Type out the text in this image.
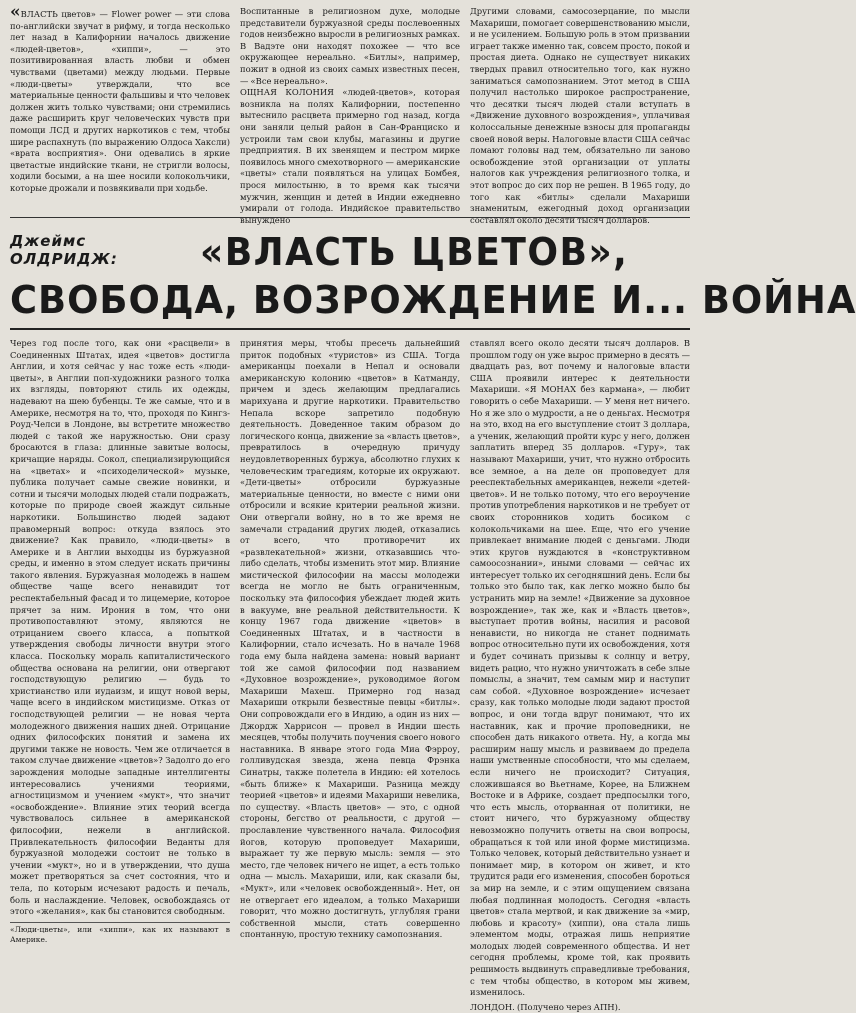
«ВЛАСТЬ цветов» — Flower power — эти слова по-английски звучат в рифму, и тогда несколько лет назад в Калифорнии началось движение «людей-цветов», «хиппи», — это позитивированная власть любви и обмен чувствами (цветами) между людьми. Первые «люди-цветы» утверждали, что все материальные ценности фальшивы и что человек должен жить только чувствами; они стремились даже расширить круг человеческих чувств при помощи ЛСД и других наркотиков с тем, чтобы шире распахнуть (по выражению Олдоса Хаксли) «врата восприятия». Они одевались в яркие цветастые индийские ткани, не стригли волосы, ходили босыми, а на шее носили колокольчики, которые дрожали и позвякивали при ходьбе.
Воспитанные в религиозном духе, молодые представители буржуазной среды послевоенных годов неизбежно выросли в религиозных рамках. В Вадэте они находят похожее — что все окружающее нереально. «Битлы», например, пожит в одной из своих самых известных песен, — «Все нереально».
ОЩНАЯ КОЛОНИЯ «людей-цветов», которая возникла на полях Калифорнии, постепенно вытеснило расцвета примерно год назад, когда они заняли целый район в Сан-Франциско и устроили там свои клубы, магазины и другие предприятия. В их звенящем и пестром мирке появилось много смехотворного — американские «цветы» стали появляться на улицах Бомбея, прося милостыню, в то время как тысячи мужчин, женщин и детей в Индии ежедневно умирали от голода. Индийское правительство вынуждено
Другими словами, самосозерцание, по мысли Махариши, помогает совершенствованию мысли, и не усилением. Большую роль в этом призвании играет также именно так, совсем просто, покой и простая диета. Однако не существует никаких твердых правил относительно того, как нужно заниматься самопознанием. Этот метод в США получил настолько широкое распространение, что десятки тысяч людей стали вступать в «Движение духовного возрождения», уплачивая колоссальные денежные взносы для пропаганды своей новой веры. Налоговые власти США сейчас ломают головы над тем, обязательно ли заново освобождение этой организации от уплаты налогов как учреждения религиозного толка, и этот вопрос до сих пор не решен. В 1965 году, до того как «битлы» сделали Махариши знаменитым, ежегодный доход организации составлял около десяти тысяч долларов.
Джеймс ОЛДРИДЖ:	«ВЛАСТЬ ЦВЕТОВ»,
СВОБОДА, ВОЗРОЖДЕНИЕ И... ВОЙНА
Через год после того, как они «расцвели» в Соединенных Штатах, идея «цветов» достигла Англии, и хотя сейчас у нас тоже есть «люди-цветы», в Англии поп-художники разного толка их взгляды, повторяют стиль их одежды, надевают на шею бубенцы. Те же самые, что и в Америке, несмотря на то, что, проходя по Кингз-Роуд-Челси в Лондоне, вы встретите множество людей с такой же наружностью. Они сразу бросаются в глаза: длинные завитые волосы, кричащие наряды. Сокол, специализирующийся на «цветах» и «психоделической» музыке, публика получает самые свежие новинки, и сотни и тысячи молодых людей стали подражать, которые по природе своей жаждут сильные наркотики. Большинство людей задают правомерный вопрос: откуда взялось это движение? Как правило, «люди-цветы» в Америке и в Англии выходцы из буржуазной среды, и именно в этом следует искать причины такого явления. Буржуазная молодежь в нашем обществе чаще всего ненавидит тот респектабельный фасад и то лицемерие, которое прячет за ним. Ирония в том, что они противопоставляют этому, являются не отрицанием своего класса, а попыткой утверждения свободы личности внутри этого класса. Поскольку мораль капиталистического общества основана на религии, они отвергают господствующую религию — будь то христианство или иудаизм, и ищут новой веры, чаще всего в индийском мистицизме. Отказ от господствующей религии — не новая черта молодежного движения наших дней. Отрицание одних философских понятий и замена их другими также не новость. Чем же отличается в таком случае движение «цветов»? Задолго до его зарождения молодые западные интеллигенты интересовались учениями теориями, агностицизмом и учением «мукт», что значит «освобождение». Влияние этих теорий всегда чувствовалось сильнее в американской философии, нежели в английской. Привлекательность философии Веданты для буржуазной молодежи состоит не только в учении «мукт», но и в утверждении, что душа может претворяться за счет состояния, что и тела, по которым исчезают радость и печаль, боль и наслаждение. Человек, освобождаясь от этого «желания», как бы становится свободным.
«Люди-цветы», или «хиппи», как их называют в Америке.
принятия меры, чтобы пресечь дальнейший приток подобных «туристов» из США. Тогда американцы поехали в Непал и основали американскую колонию «цветов» в Катманду, причем и здесь желающим предлагались марихуана и другие наркотики. Правительство Непала вскоре запретило подобную деятельность. Доведенное таким образом до логического конца, движение за «власть цветов», превратилось в очередную причуду неудовлетворенных буржуа, абсолютно глухих к человеческим трагедиям, которые их окружают. «Дети-цветы» отбросили буржуазные материальные ценности, но вместе с ними они отбросили и всякие критерии реальной жизни. Они отвергали войну, но в то же время не замечали страданий других людей, отказались от всего, что противоречит их «развлекательной» жизни, отказавшись что-либо сделать, чтобы изменить этот мир. Влияние мистической философии на массы молодежи всегда не могло не быть ограниченным, поскольку эта философия убеждает людей жить в вакууме, вне реальной действительности. К концу 1967 года движение «цветов» в Соединенных Штатах, и в частности в Калифорнии, стало исчезать. Но в начале 1968 года ему была найдена замена: новый вариант той же самой философии под названием «Духовное возрождение», руководимое йогом Махариши Махеш. Примерно год назад Махариши открыли безвестные певцы «битлы». Они сопровождали его в Индию, а один из них — Джордж Харрисон — провел в Индии шесть месяцев, чтобы получить поучения своего нового наставника. В январе этого года Миа Фэрроу, голливудская звезда, жена певца Фрэнка Синатры, также полетела в Индию: ей хотелось «быть ближе» к Махариши. Разница между теорией «цветов» и идеями Махариши невелика, по существу. «Власть цветов» — это, с одной стороны, бегство от реальности, с другой — прославление чувственного начала. Философия йогов, которую проповедует Махариши, выражает ту же первую мысль: земля — это место, где человек ничего не ищет, а есть только одна — мысль. Махариши, или, как сказали бы, «Мукт», или «человек освобожденный». Нет, он не отвергает его идеалом, а только Махариши говорит, что можно достигнуть, углубляя грани собственной мысли, стать совершенно спонтанную, простую технику самопознания.
ставлял всего около десяти тысяч долларов. В прошлом году он уже вырос примерно в десять — двадцать раз, вот почему и налоговые власти США проявили интерес к деятельности Махариши. «Я МОНАХ без кармана», — любит говорить о себе Махариши. — У меня нет ничего. Но я же зло о мудрости, а не о деньгах. Несмотря на это, вход на его выступление стоит 3 доллара, а ученик, желающий пройти курс у него, должен заплатить вперед 35 долларов. «Гуру», так называют Махариши, учит, что нужно отбросить все земное, а на деле он проповедует для рееспектабельных американцев, нежели «детей-цветов». И не только потому, что его вероучение против употребления наркотиков и не требует от своих сторонников ходить босиком с колокольчиками на шее. Еще, что его учение привлекает внимание людей с деньгами. Люди этих кругов нуждаются в «конструктивном самоосознании», иными словами — сейчас их интересует только их сегодняшний день. Если бы только это было так, как легко можно было бы устранить мир на земле! «Движение за духовное возрождение», так же, как и «Власть цветов», выступает против войны, насилия и расовой ненависти, но никогда не станет поднимать вопрос относительно пути их освобождения, хотя и будет сочинать призывы к солнцу и ветру, видеть рацио, что нужно уничтожать в себе злые помыслы, а значит, тем самым мир и наступит сам собой. «Духовное возрождение» исчезает сразу, как только молодые люди задают простой вопрос, и они тогда вдруг понимают, что их наставник, как и прочие проповедники, не способен дать никакого ответа. Ну, а когда мы расширим нашу мысль и развиваем до предела наши умственные способности, что мы сделаем, если ничего не происходит? Ситуация, сложившаяся во Вьетнаме, Корее, на Ближнем Востоке и в Африке, создает предпосылки того, что есть мысль, оторванная от политики, не стоит ничего, что буржуазному обществу невозможно получить ответы на свои вопросы, обращаться к той или иной форме мистицизма. Только человек, который действительно узнает и понимает мир, в котором он живет, и кто трудится ради его изменения, способен бороться за мир на земле, и с этим ощущением связана любая подлинная молодость. Сегодня «власть цветов» стала мертвой, и как движение за «мир, любовь и красоту» (хиппи), она стала лишь элементом моды, отражая лишь неприятие молодых людей современного общества. И нет сегодня проблемы, кроме той, как проявить решимость выдвинуть справедливые требования, с тем чтобы общество, в котором мы живем, изменилось.
ЛОНДОН. (Получено через АПН).
